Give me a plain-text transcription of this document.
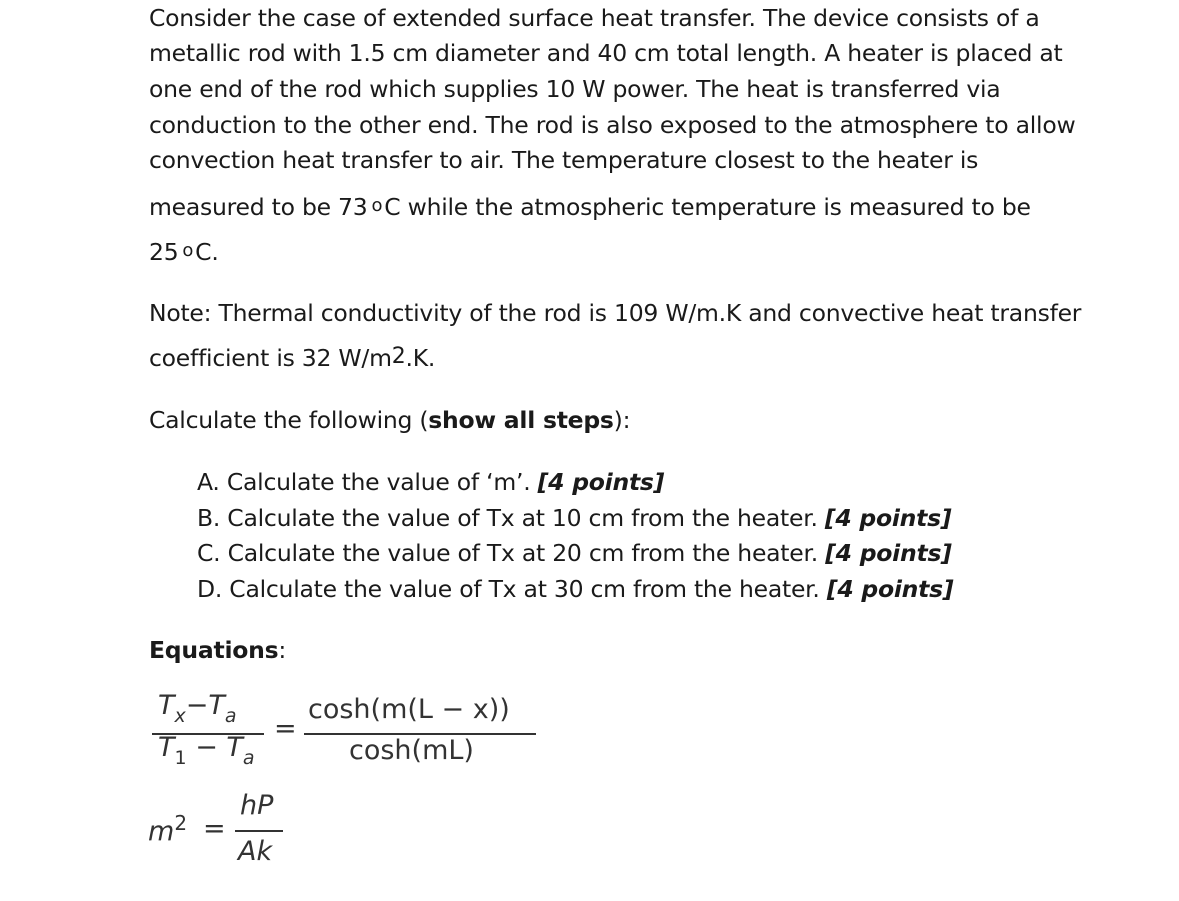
Consider the case of extended surface heat transfer. The device consists of a
metallic rod with 1.5 cm diameter and 40 cm total length. A heater is placed at
one end of the rod which supplies 10 W power. The heat is transferred via
conduction to the other end. The rod is also exposed to the atmosphere to allow
convection heat transfer to air. The temperature closest to the heater is
measured to be 73 $^o$C while the atmospheric temperature is measured to be
25 $^o$C.
Note: Thermal conductivity of the rod is 109 W/m.K and convective heat transfer
coefficient is 32 $W/m^2.K$.
Calculate the following (show all steps):
A. Calculate the value of ‘m’. [4 points]
B. Calculate the value of Tx at 10 cm from the heater. [4 points]
C. Calculate the value of Tx at 20 cm from the heater. [4 points]
D. Calculate the value of Tx at 30 cm from the heater. [4 points]
Equations:
$T_x-T_a$
$T_1 - T_a$
=
cosh(m(L − x))
cosh(mL)
$m^2$ =
hP
Ak
